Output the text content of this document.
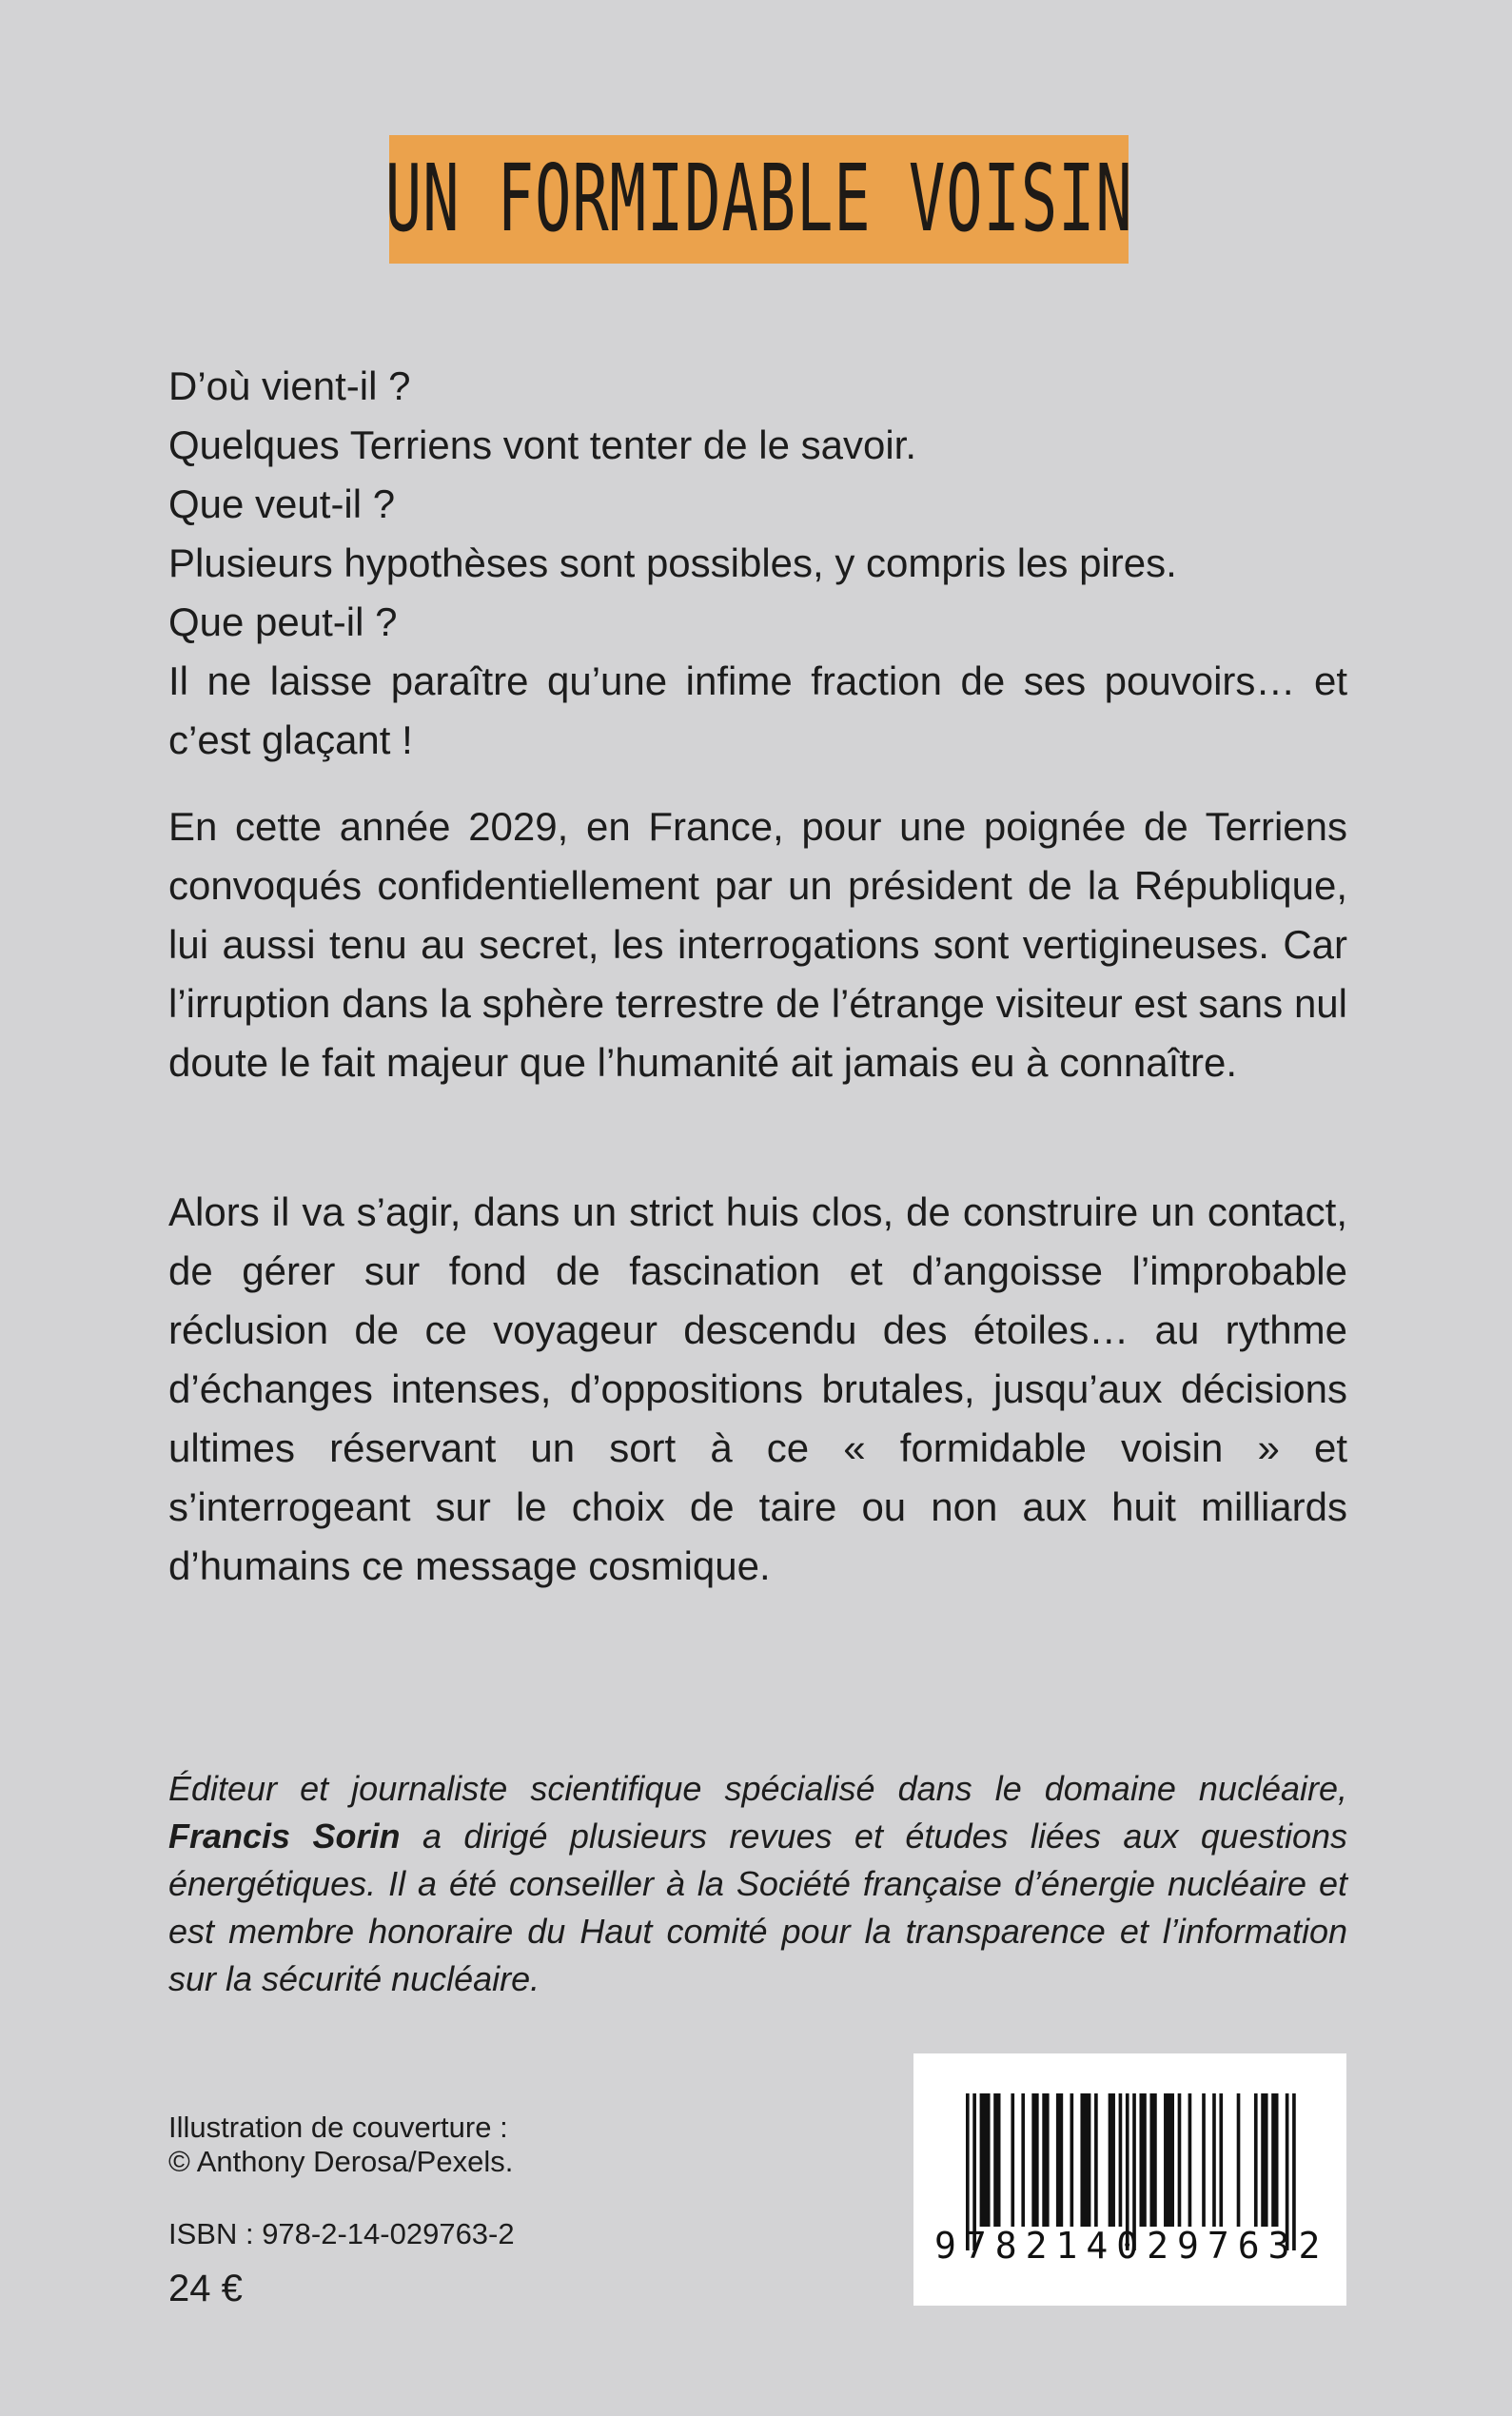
UN FORMIDABLE VOISIN
D’où vient-il ?
Quelques Terriens vont tenter de le savoir.
Que veut-il ?
Plusieurs hypothèses sont possibles, y compris les pires.
Que peut-il ?
Il ne laisse paraître qu’une infime fraction de ses pouvoirs… et c’est glaçant !

En cette année 2029, en France, pour une poignée de Terriens convoqués confidentiellement par un président de la République, lui aussi tenu au secret, les interrogations sont vertigineuses. Car l’irruption dans la sphère terrestre de l’étrange visiteur est sans nul doute le fait majeur que l’humanité ait jamais eu à connaître.

Alors il va s’agir, dans un strict huis clos, de construire un contact, de gérer sur fond de fascination et d’angoisse l’improbable réclusion de ce voyageur descendu des étoiles… au rythme d’échanges intenses, d’oppositions brutales, jusqu’aux décisions ultimes réservant un sort à ce « formidable voisin » et s’interrogeant sur le choix de taire ou non aux huit milliards d’humains ce message cosmique.

Éditeur et journaliste scientifique spécialisé dans le domaine nucléaire, Francis Sorin a dirigé plusieurs revues et études liées aux questions énergétiques. Il a été conseiller à la Société française d’énergie nucléaire et est membre honoraire du Haut comité pour la transparence et l’information sur la sécurité nucléaire.

Illustration de couverture :
© Anthony Derosa/Pexels.
ISBN : 978-2-14-029763-2
24 €
9782140297632
